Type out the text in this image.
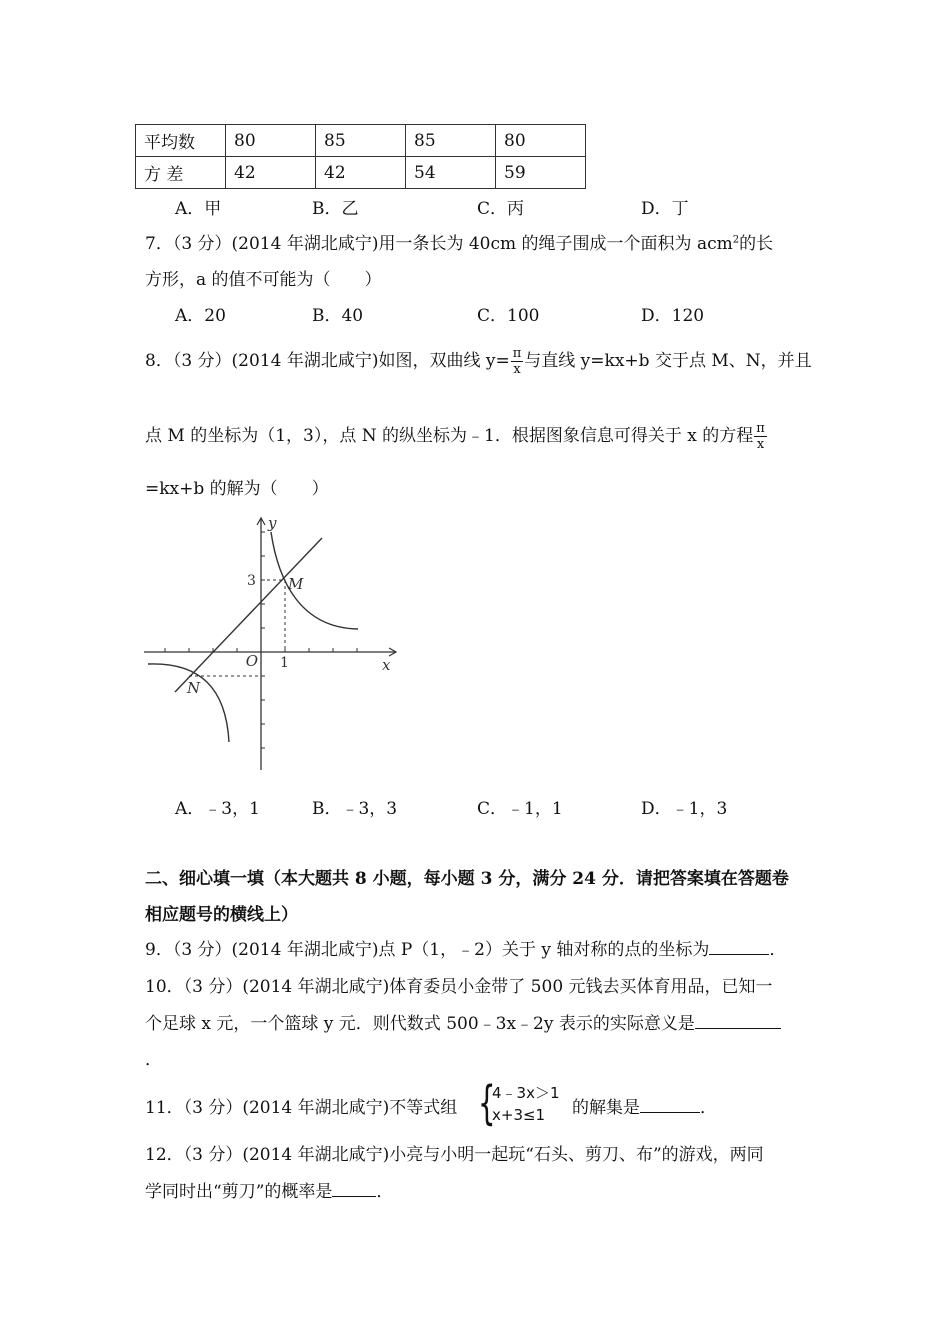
平均数	80	85	85	80
方 差	42	42	54	59
A．甲	B．乙	C．丙	D．丁
7．（3 分）(2014 年湖北咸宁)用一条长为 40cm 的绳子围成一个面积为 acm$^2$的长
方形，a 的值不可能为（　　）
A．20	B．40	C．100	D．120
8．（3 分）(2014 年湖北咸宁)如图，双曲线 $y= \frac{\pi}{x}$ 与直线 y=kx+b 交于点 M、N，并且
点 M 的坐标为（1，3），点 N 的纵坐标为﹣1．根据图象信息可得关于 x 的方程 $\frac{\pi}{x}$
=kx+b 的解为（　　）
y
x
O 1
3 M
N
A．﹣3，1	B．﹣3，3	C．﹣1，1	D．﹣1，3
二、细心填一填（本大题共 8 小题，每小题 3 分，满分 24 分．请把答案填在答题卷
相应题号的横线上）
9．（3 分）(2014 年湖北咸宁)点 P（1，﹣2）关于 y 轴对称的点的坐标为	．
10．（3 分）(2014 年湖北咸宁)体育委员小金带了 500 元钱去买体育用品，已知一
个足球 x 元，一个篮球 y 元．则代数式 500﹣3x﹣2y 表示的实际意义是
．
11．（3 分）(2014 年湖北咸宁)不等式组 {
4﹣3x＞1
x+3≤1 的解集是	．
12．（3 分）(2014 年湖北咸宁)小亮与小明一起玩“石头、剪刀、布”的游戏，两同
学同时出“剪刀”的概率是	．
